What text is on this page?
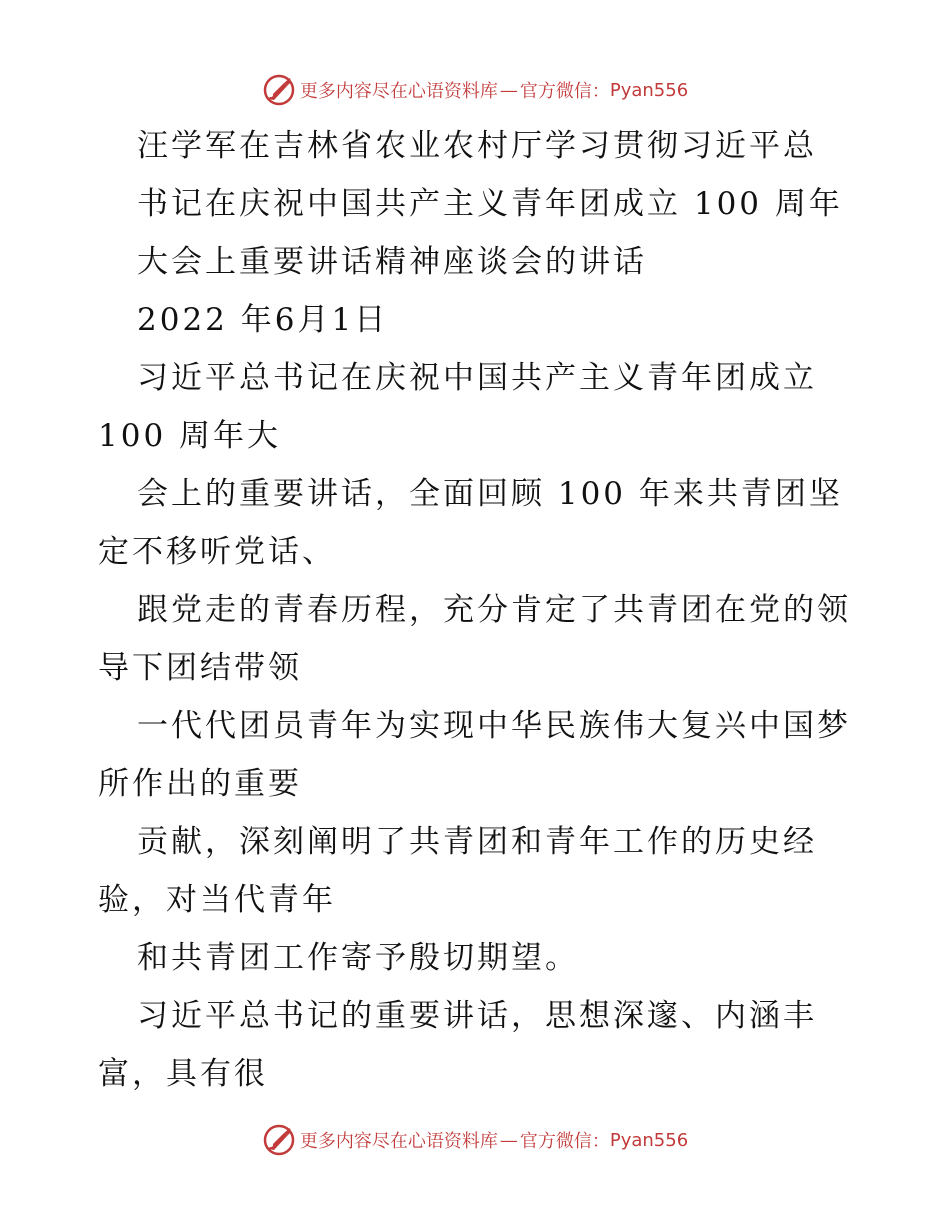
更多内容尽在心语资料库 — 官方微信： Pyan556
汪学军在吉林省农业农村厅学习贯彻习近平总
书记在庆祝中国共产主义青年团成立 100 周年
大会上重要讲话精神座谈会的讲话
2022 年6月1日
习近平总书记在庆祝中国共产主义青年团成立
100 周年大
会上的重要讲话，全面回顾 100 年来共青团坚
定不移听党话、
跟党走的青春历程，充分肯定了共青团在党的领
导下团结带领
一代代团员青年为实现中华民族伟大复兴中国梦
所作出的重要
贡献，深刻阐明了共青团和青年工作的历史经
验，对当代青年
和共青团工作寄予殷切期望。
习近平总书记的重要讲话，思想深邃、内涵丰
富，具有很
更多内容尽在心语资料库 — 官方微信： Pyan556
